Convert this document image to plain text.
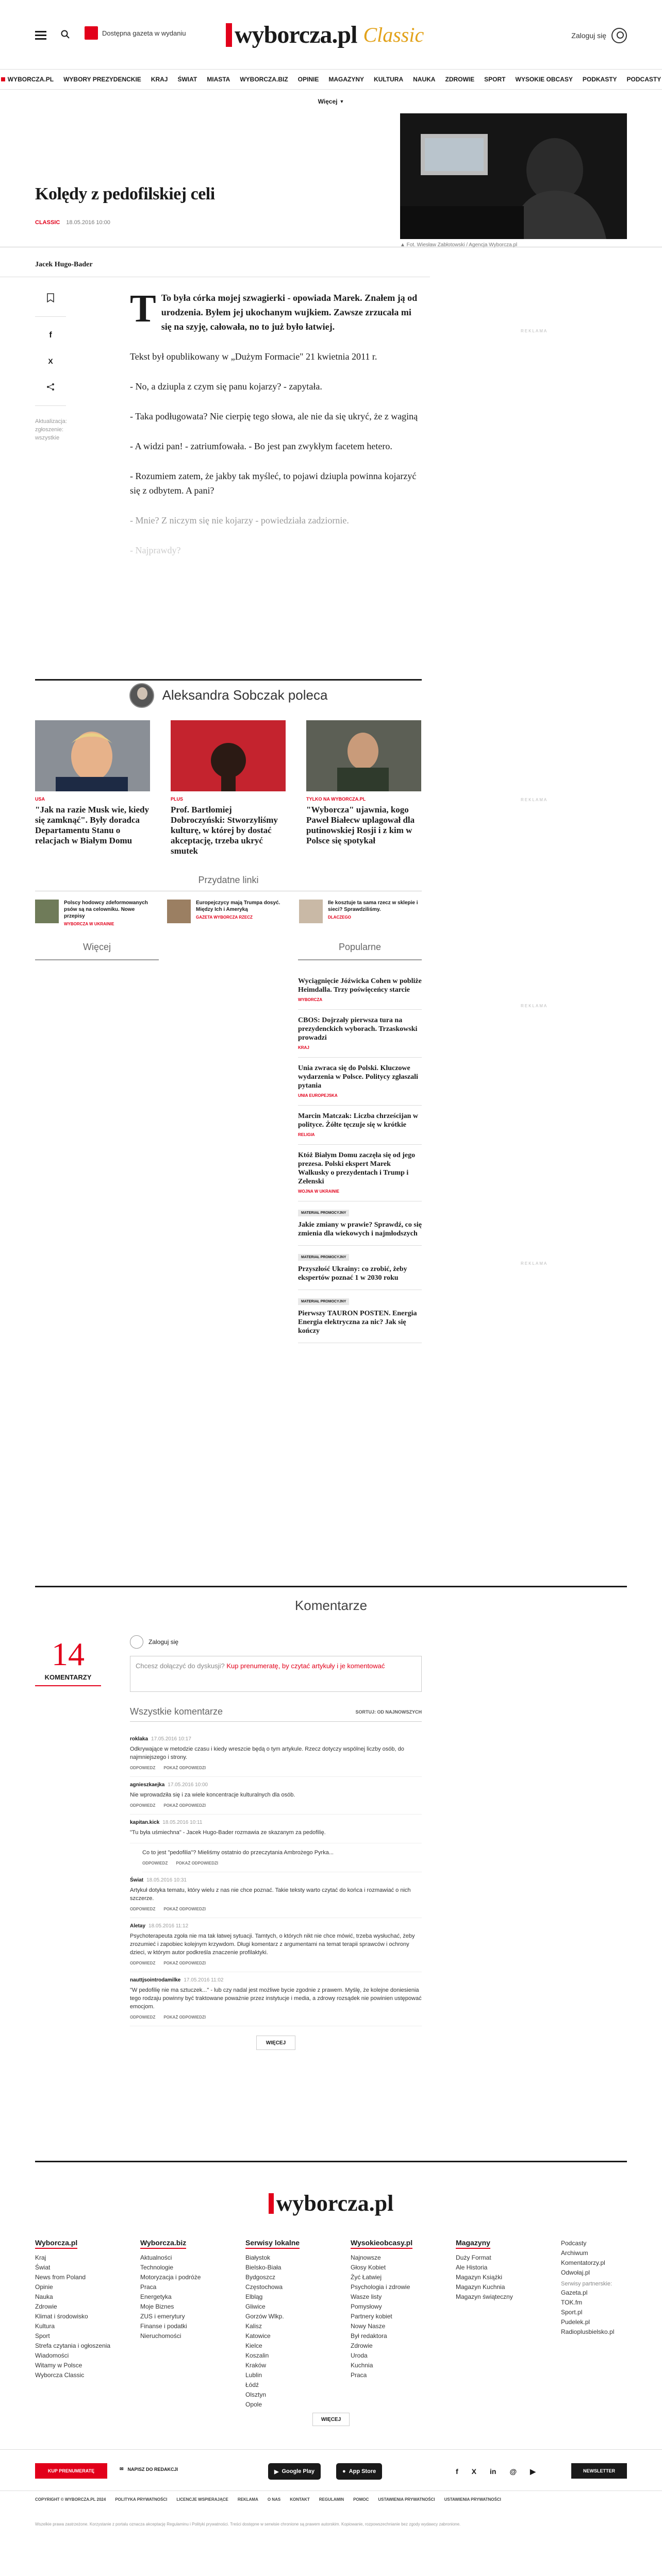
Dostępna gazeta w wydaniu wyborcza.pl Classic	Zaloguj się
WYBORCZA.PL WYBORY PREZYDENCKIE KRAJ ŚWIAT MIASTA WYBORCZA.BIZ OPINIE MAGAZYNY KULTURA NAUKA ZDROWIE SPORT WYSOKIE OBCASY PODKASTY PODCASTY
Więcej ▼
Kolędy z pedofilskiej celi
CLASSIC 18.05.2016 10:00
▲ Fot. Wiesław Zabłotowski / Agencja Wyborcza.pl
Jacek Hugo-Bader
f
X
Aktualizacja: zgłoszenie: wszystkie

T To była córka mojej szwagierki - opowiada Marek. Znałem ją od urodzenia. Byłem jej ukochanym wujkiem. Zawsze zrzucała mi się na szyję, całowała, no to już było łatwiej.

Tekst był opublikowany w „Dużym Formacie" 21 kwietnia 2011 r.

- No, a dziupla z czym się panu kojarzy? - zapytała.

- Taka podługowata? Nie cierpię tego słowa, ale nie da się ukryć, że z waginą

- A widzi pan! - zatriumfowała. - Bo jest pan zwykłym facetem hetero.

- Rozumiem zatem, że jakby tak myśleć, to pojawi dziupla powinna kojarzyć się z odbytem. A pani?

- Mnie? Z niczym się nie kojarzy - powiedziała zadziornie.

- Najprawdy?

REKLAMA
Aleksandra Sobczak poleca
USA
"Jak na razie Musk wie, kiedy się zamknąć". Były doradca Departamentu Stanu o relacjach w Białym Domu
PLUS
Prof. Bartłomiej Dobroczyński: Stworzyliśmy kulturę, w której by dostać akceptację, trzeba ukryć smutek
TYLKO NA WYBORCZA.PL
"Wyborcza" ujawnia, kogo Paweł Białecw uplagował dla putinowskiej Rosji i z kim w Polsce się spotykał
Przydatne linki
Polscy hodowcy zdeformowanych psów są na celowniku. Nowe przepisy
WYBORCZA W UKRAINIE
Europejczycy mają Trumpa dosyć. Między Ich i Ameryką
GAZETA WYBORCZA RZECZ
Ile kosztuje ta sama rzecz w sklepie i sieci? Sprawdziliśmy.
DLACZEGO
REKLAMA
Więcej	Popularne
Wyciągnięcie Jóźwicka Cohen w pobliże Heimdalla. Trzy poświęceńcy starcie
WYBORCZA
CBOS: Dojrzały pierwsza tura na prezydenckich wyborach. Trzaskowski prowadzi
KRAJ
Unia zwraca się do Polski. Kluczowe wydarzenia w Polsce. Politycy zgłaszali pytania
UNIA EUROPEJSKA
Marcin Matczak: Liczba chrześcijan w polityce. Żółte tęczuje się w krótkie
RELIGIA
Któż Białym Domu zaczęła się od jego prezesa. Polski ekspert Marek Walkusky o prezydentach i Trump i Zełenski
WOJNA W UKRAINIE
MATERIAŁ PROMOCYJNY
Jakie zmiany w prawie? Sprawdź, co się zmienia dla wiekowych i najmłodszych
MATERIAŁ PROMOCYJNY
Przyszłość Ukrainy: co zrobić, żeby ekspertów poznać 1 w 2030 roku
MATERIAŁ PROMOCYJNY
Pierwszy TAURON POSTEN. Energia Energia elektryczna za nic? Jak się kończy
REKLAMA
REKLAMA
Komentarze
14
KOMENTARZY
Zaloguj się
Chcesz dołączyć do dyskusji? Kup prenumeratę, by czytać artykuły i je komentować
Wszystkie komentarze	SORTUJ: OD NAJNOWSZYCH
roklaka 17.05.2016 10:17
Odkrywające w metodzie czasu i kiedy wreszcie będą o tym artykule. Rzecz dotyczy wspólnej liczby osób, do najmniejszego i strony.
ODPOWIEDZ POKAŻ ODPOWIEDZI
agnieszkaejka 17.05.2016 10:00
Nie wprowadziła się i za wiele koncentracje kulturalnych dla osób.
ODPOWIEDZ POKAŻ ODPOWIEDZI
kapitan.kick 18.05.2016 10:11
"Tu była uśmiechna" - Jacek Hugo-Bader rozmawia ze skazanym za pedofilię.
Co to jest "pedofilia"? Mieliśmy ostatnio do przeczytania Ambrożego Pyrka...
ODPOWIEDZ POKAŻ ODPOWIEDZI
Świat 18.05.2016 10:31
Artykuł dotyka tematu, który wielu z nas nie chce poznać. Takie teksty warto czytać do końca i rozmawiać o nich szczerze.
ODPOWIEDZ POKAŻ ODPOWIEDZI
Aletay 18.05.2016 11:12
Psychoterapeuta zgoła nie ma tak łatwej sytuacji. Tamtych, o których nikt nie chce mówić, trzeba wysłuchać, żeby zrozumieć i zapobiec kolejnym krzywdom. Długi komentarz z argumentami na temat terapii sprawców i ochrony dzieci, w którym autor podkreśla znaczenie profilaktyki.
ODPOWIEDZ POKAŻ ODPOWIEDZI
nauttjsointrodamilke 17.05.2016 11:02
"W pedofilię nie ma sztuczek..." - lub czy nadal jest możliwe bycie zgodnie z prawem. Myślę, że kolejne doniesienia tego rodzaju powinny być traktowane poważnie przez instytucje i media, a zdrowy rozsądek nie powinien ustępować emocjom.
ODPOWIEDZ POKAŻ ODPOWIEDZI
WIĘCEJ
wyborcza.pl
Wyborcza.pl
Kraj
Świat
News from Poland
Opinie
Nauka
Zdrowie
Klimat i środowisko
Kultura
Sport
Strefa czytania i ogłoszenia
Wiadomości
Witamy w Polsce
Wyborcza Classic
Wyborcza.biz
Aktualności
Technologie
Motoryzacja i podróże
Praca
Energetyka
Moje Biznes
ZUS i emerytury
Finanse i podatki
Nieruchomości
Serwisy lokalne
Białystok
Bielsko-Biała
Bydgoszcz
Częstochowa
Elbląg
Gliwice
Gorzów Wlkp.
Kalisz
Katowice
Kielce
Koszalin
Kraków
Lublin
Łódź
Olsztyn
Opole
Wysokieobcasy.pl
Najnowsze
Głosy Kobiet
Żyć Łatwiej
Psychologia i zdrowie
Wasze listy
Pomysłowy
Partnery kobiet
Nowy Nasze
Był redaktora
Zdrowie
Uroda
Kuchnia
Praca
Magazyny
Duży Format
Ale Historia
Magazyn Książki
Magazyn Kuchnia
Magazyn świąteczny
Podcasty
Archiwum
Komentatorzy.pl
Odwołaj.pl
Serwisy partnerskie:
Gazeta.pl
TOK.fm
Sport.pl
Pudelek.pl
Radioplusbielsko.pl
WIĘCEJ
KUP PRENUMERATĘ	✉ NAPISZ DO REDAKCJI	▶ Google Play	● App Store	f X in @ ▶	NEWSLETTER
COPYRIGHT © WYBORCZA.PL 2024 POLITYKA PRYWATNOŚCI LICENCJE WSPIERAJĄCE REKLAMA O NAS KONTAKT REGULAMIN POMOC USTAWIENIA PRYWATNOŚCI USTAWIENIA PRYWATNOŚCI
Wszelkie prawa zastrzeżone. Korzystanie z portalu oznacza akceptację Regulaminu i Polityki prywatności. Treści dostępne w serwisie chronione są prawem autorskim. Kopiowanie, rozpowszechnianie bez zgody wydawcy zabronione.
